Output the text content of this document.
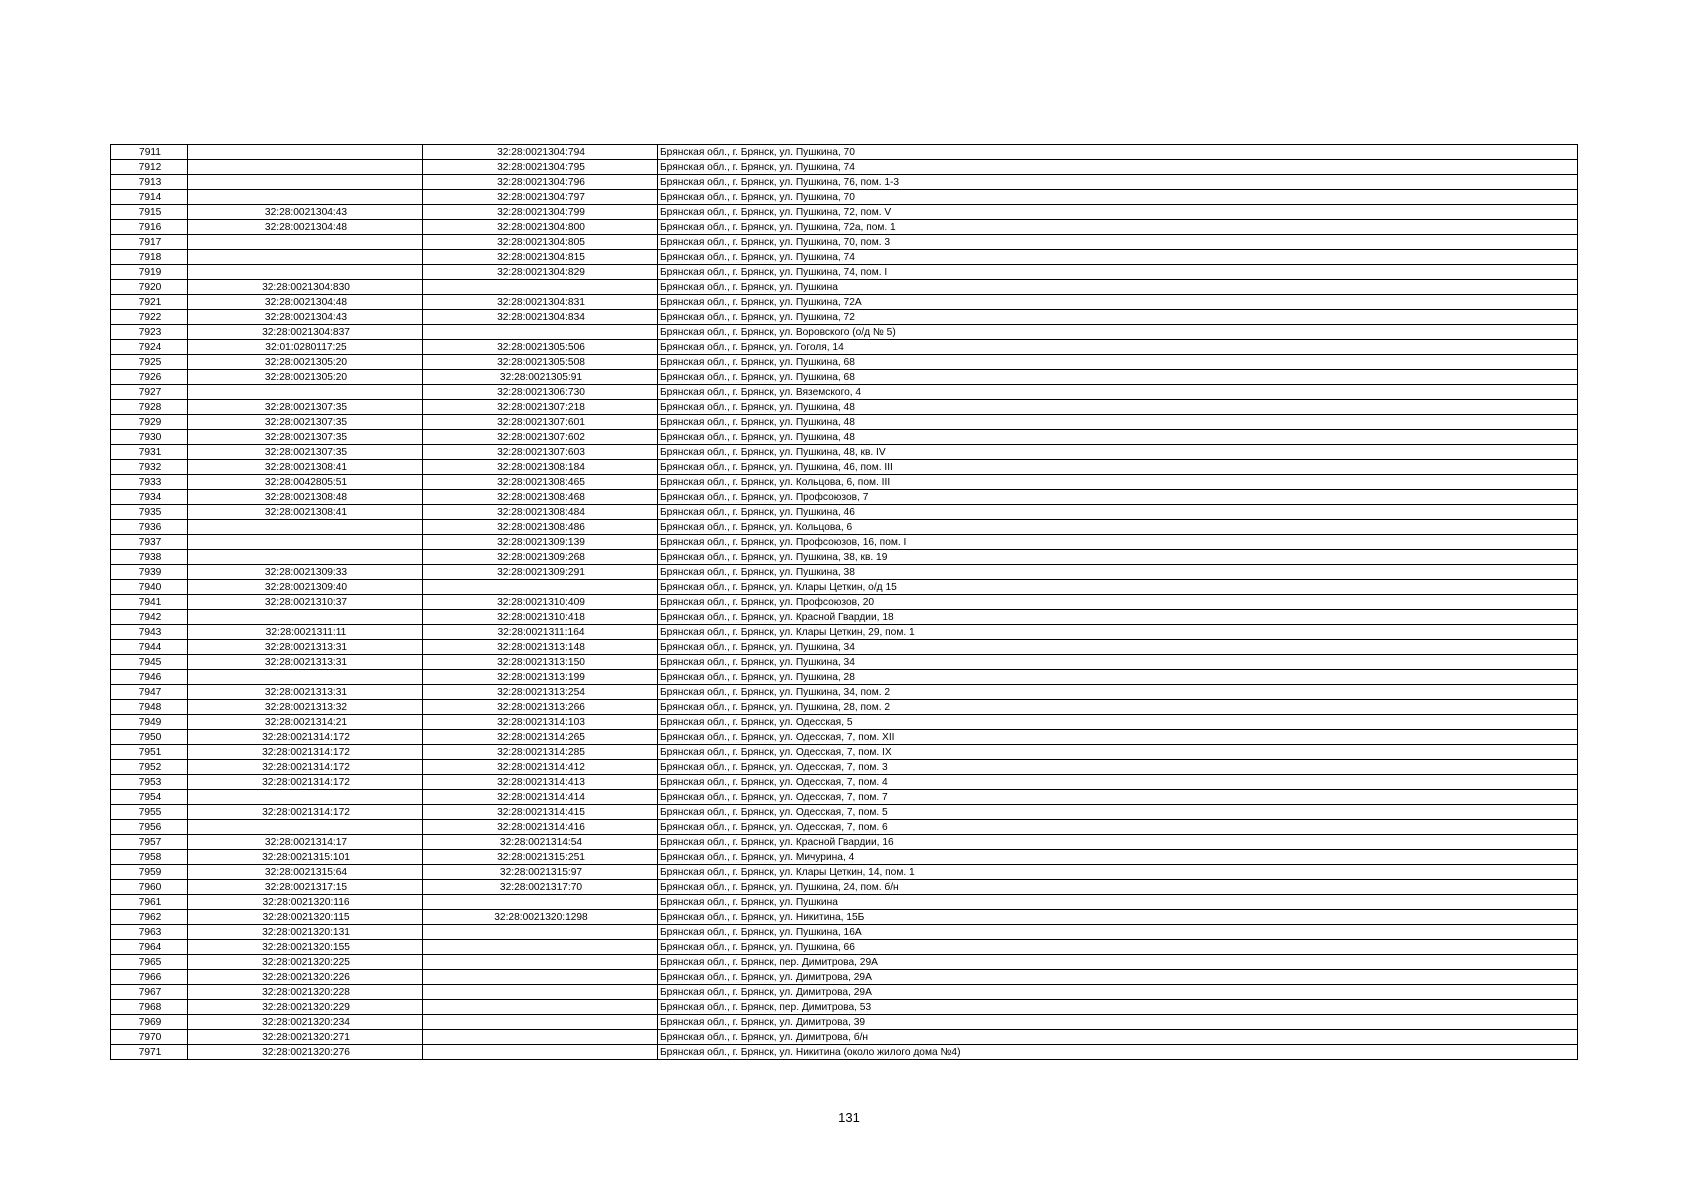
7911		32:28:0021304:794	Брянская обл., г. Брянск, ул. Пушкина, 70
7912		32:28:0021304:795	Брянская обл., г. Брянск, ул. Пушкина, 74
7913		32:28:0021304:796	Брянская обл., г. Брянск, ул. Пушкина, 76, пом. 1-3
7914		32:28:0021304:797	Брянская обл., г. Брянск, ул. Пушкина, 70
7915	32:28:0021304:43	32:28:0021304:799	Брянская обл., г. Брянск, ул. Пушкина, 72, пом. V
7916	32:28:0021304:48	32:28:0021304:800	Брянская обл., г. Брянск, ул. Пушкина, 72а, пом. 1
7917		32:28:0021304:805	Брянская обл., г. Брянск, ул. Пушкина, 70, пом. 3
7918		32:28:0021304:815	Брянская обл., г. Брянск, ул. Пушкина, 74
7919		32:28:0021304:829	Брянская обл., г. Брянск, ул. Пушкина, 74, пом. I
7920	32:28:0021304:830		Брянская обл., г. Брянск, ул. Пушкина
7921	32:28:0021304:48	32:28:0021304:831	Брянская обл., г. Брянск, ул. Пушкина, 72А
7922	32:28:0021304:43	32:28:0021304:834	Брянская обл., г. Брянск, ул. Пушкина, 72
7923	32:28:0021304:837		Брянская обл., г. Брянск, ул. Воровского (о/д № 5)
7924	32:01:0280117:25	32:28:0021305:506	Брянская обл., г. Брянск, ул. Гоголя, 14
7925	32:28:0021305:20	32:28:0021305:508	Брянская обл., г. Брянск, ул. Пушкина, 68
7926	32:28:0021305:20	32:28:0021305:91	Брянская обл., г. Брянск, ул. Пушкина, 68
7927		32:28:0021306:730	Брянская обл., г. Брянск, ул. Вяземского, 4
7928	32:28:0021307:35	32:28:0021307:218	Брянская обл., г. Брянск, ул. Пушкина, 48
7929	32:28:0021307:35	32:28:0021307:601	Брянская обл., г. Брянск, ул. Пушкина, 48
7930	32:28:0021307:35	32:28:0021307:602	Брянская обл., г. Брянск, ул. Пушкина, 48
7931	32:28:0021307:35	32:28:0021307:603	Брянская обл., г. Брянск, ул. Пушкина, 48, кв. IV
7932	32:28:0021308:41	32:28:0021308:184	Брянская обл., г. Брянск, ул. Пушкина, 46, пом. III
7933	32:28:0042805:51	32:28:0021308:465	Брянская обл., г. Брянск, ул. Кольцова, 6, пом. III
7934	32:28:0021308:48	32:28:0021308:468	Брянская обл., г. Брянск, ул. Профсоюзов, 7
7935	32:28:0021308:41	32:28:0021308:484	Брянская обл., г. Брянск, ул. Пушкина, 46
7936		32:28:0021308:486	Брянская обл., г. Брянск, ул. Кольцова, 6
7937		32:28:0021309:139	Брянская обл., г. Брянск, ул. Профсоюзов, 16, пом. I
7938		32:28:0021309:268	Брянская обл., г. Брянск, ул. Пушкина, 38, кв. 19
7939	32:28:0021309:33	32:28:0021309:291	Брянская обл., г. Брянск, ул. Пушкина, 38
7940	32:28:0021309:40		Брянская обл., г. Брянск, ул. Клары Цеткин, о/д 15
7941	32:28:0021310:37	32:28:0021310:409	Брянская обл., г. Брянск, ул. Профсоюзов, 20
7942		32:28:0021310:418	Брянская обл., г. Брянск, ул. Красной Гвардии, 18
7943	32:28:0021311:11	32:28:0021311:164	Брянская обл., г. Брянск, ул. Клары Цеткин, 29, пом. 1
7944	32:28:0021313:31	32:28:0021313:148	Брянская обл., г. Брянск, ул. Пушкина, 34
7945	32:28:0021313:31	32:28:0021313:150	Брянская обл., г. Брянск, ул. Пушкина, 34
7946		32:28:0021313:199	Брянская обл., г. Брянск, ул. Пушкина, 28
7947	32:28:0021313:31	32:28:0021313:254	Брянская обл., г. Брянск, ул. Пушкина, 34, пом. 2
7948	32:28:0021313:32	32:28:0021313:266	Брянская обл., г. Брянск, ул. Пушкина, 28, пом. 2
7949	32:28:0021314:21	32:28:0021314:103	Брянская обл., г. Брянск, ул. Одесская, 5
7950	32:28:0021314:172	32:28:0021314:265	Брянская обл., г. Брянск, ул. Одесская, 7, пом. XII
7951	32:28:0021314:172	32:28:0021314:285	Брянская обл., г. Брянск, ул. Одесская, 7, пом. IX
7952	32:28:0021314:172	32:28:0021314:412	Брянская обл., г. Брянск, ул. Одесская, 7, пом. 3
7953	32:28:0021314:172	32:28:0021314:413	Брянская обл., г. Брянск, ул. Одесская, 7, пом. 4
7954		32:28:0021314:414	Брянская обл., г. Брянск, ул. Одесская, 7, пом. 7
7955	32:28:0021314:172	32:28:0021314:415	Брянская обл., г. Брянск, ул. Одесская, 7, пом. 5
7956		32:28:0021314:416	Брянская обл., г. Брянск, ул. Одесская, 7, пом. 6
7957	32:28:0021314:17	32:28:0021314:54	Брянская обл., г. Брянск, ул. Красной Гвардии, 16
7958	32:28:0021315:101	32:28:0021315:251	Брянская обл., г. Брянск, ул. Мичурина, 4
7959	32:28:0021315:64	32:28:0021315:97	Брянская обл., г. Брянск, ул. Клары Цеткин, 14, пом. 1
7960	32:28:0021317:15	32:28:0021317:70	Брянская обл., г. Брянск, ул. Пушкина, 24, пом. б/н
7961	32:28:0021320:116		Брянская обл., г. Брянск, ул. Пушкина
7962	32:28:0021320:115	32:28:0021320:1298	Брянская обл., г. Брянск, ул. Никитина, 15Б
7963	32:28:0021320:131		Брянская обл., г. Брянск, ул. Пушкина, 16А
7964	32:28:0021320:155		Брянская обл., г. Брянск, ул. Пушкина, 66
7965	32:28:0021320:225		Брянская обл., г. Брянск, пер. Димитрова, 29А
7966	32:28:0021320:226		Брянская обл., г. Брянск, ул. Димитрова, 29А
7967	32:28:0021320:228		Брянская обл., г. Брянск, ул. Димитрова, 29А
7968	32:28:0021320:229		Брянская обл., г. Брянск, пер. Димитрова, 53
7969	32:28:0021320:234		Брянская обл., г. Брянск, ул. Димитрова, 39
7970	32:28:0021320:271		Брянская обл., г. Брянск, ул. Димитрова, б/н
7971	32:28:0021320:276		Брянская обл., г. Брянск, ул. Никитина (около жилого дома №4)
131
